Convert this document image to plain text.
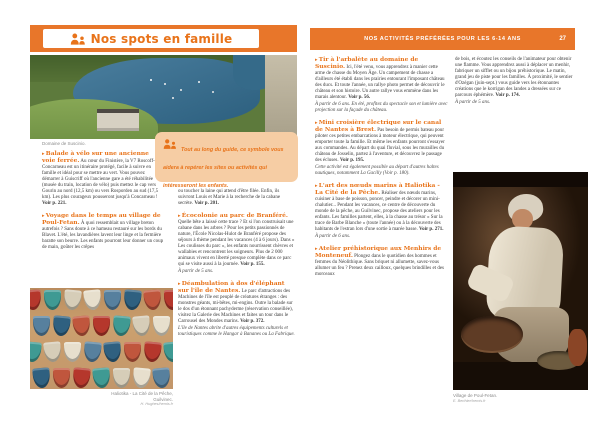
Nos spots en famille
Domaine de Suscinio.
Tout au long du guide, ce symbole vous aidera à repérer les sites ou activités qui intéresseront les enfants.

▸ Balade à vélo sur une ancienne voie ferrée. Au cœur du Finistère, la V7 Roscoff-Concarneau est un itinéraire protégé, facile à suivre en famille et idéal pour se mettre au vert. Vous pouvez démarrer à Guiscriff où l'ancienne gare a été réhabilitée (musée du train, location de vélo) puis mettez le cap vers Gourin au nord (12,5 km) ou vers Rosporden au sud (17,5 km). Les plus courageux pousseront jusqu'à Concarneau ! Voir p. 221.

▸ Voyage dans le temps au village de Poul-Fetan. À quoi ressemblait un village breton autrefois ? Sans doute à ce hameau restauré sur les bords du Blavet. L'été, les lavandières lavent leur linge et la fermière baratte son beurre. Les enfants pourront leur donner un coup de main, goûter les crêpes

Haliotika - La Cité de la Pêche,
Guilvinec.
H. Hughes/hemis.fr

ou toucher la laine qui attend d'être filée. Enfin, ils suivront Louis et Marie à la recherche de la cabane secrète. Voir p. 201.

▸ Écocolonie au parc de Branféré. Quelle bête a laissé cette trace ? Et si l'on construisait une cabane dans les arbres ? Pour les petits passionnés de nature, l'École Nicolas-Hulot de Branféré propose des séjours à thème pendant les vacances (4 à 6 jours). Dans « Les coulisses du parc », les enfants nourrissent chèvres et wallabies et rencontrent les soigneurs. Plus de 2 000 animaux vivent en liberté presque complète dans ce parc qui se visite aussi à la journée. Voir p. 155.

À partir de 5 ans.

▸ Déambulation à dos d'éléphant sur l'île de Nantes. Le parc d'attractions des Machines de l'île est peuplé de créatures étranges : des monstres géants, mi-bêtes, mi-engins. Outre la balade sur le dos d'un étonnant pachyderme (réservation conseillée), visitez la Galerie des Machines et faites un tour dans le Carrousel des Mondes marins. Voir p. 372.

L'île de Nantes abrite d'autres équipements culturels et touristiques comme le Hangar à Bananes ou La Fabrique.

NOS ACTIVITÉS PRÉFÉRÉES POUR LES 6-14 ANS	27

▸ Tir à l'arbalète au domaine de Suscinio. Ici, l'été venu, vous apprendrez à manier cette arme de chasse du Moyen Âge. Un campement de chasse a d'ailleurs été établi dans les prairies entourant l'imposant château des ducs. Et toute l'année, un rallye photo permet de découvrir le château et son histoire. Un autre rallye vous emmène dans les marais alentour. Voir p. 56.

À partir de 6 ans. En été, profitez du spectacle son et lumière avec projection sur la façade du château.

▸ Mini croisière électrique sur le canal de Nantes à Brest. Pas besoin de permis bateau pour piloter ces petites embarcations à moteur électrique, qui peuvent emporter toute la famille. Et même les enfants pourront s'essayer aux commandes. Au départ du quai fluvial, sous les murailles du château de Josselin, partez à l'aventure, et découvrez le passage des écluses. Voir p. 195.

Cette activité est également possible au départ d'autres haltes nautiques, notamment La Gacilly (Voir p. 180).

▸ L'art des nœuds marins à Haliotika - La Cité de la Pêche. Réaliser des nœuds marins, cuisiner à base de poisson, poncer, peindre et décorer un mini-chalutier... Pendant les vacances, ce centre de découverte du monde de la pêche, au Guilvinec, propose des ateliers pour les enfants. Les familles partent, elles, à la chasse au trésor « Sur la trace de Barbe Blanche » (toute l'année) ou à la découverte des habitants de l'estran lors d'une sortie à marée basse. Voir p. 271.

À partir de 6 ans.

▸ Atelier préhistorique aux Menhirs de Monteneuf. Plongez dans le quotidien des hommes et femmes du Néolithique. Sans briquet ni allumette, savez-vous allumer un feu ? Prenez deux cailloux, quelques brindilles et des morceaux

de bois, et écoutez les conseils de l'animateur pour obtenir une flamme. Vous apprendrez aussi à déplacer un menhir, fabriquer un sifflet ou un bijou préhistorique. Le matin, grand jeu de piste pour les familles. À proximité, le sentier d'Ozégan (juin-sept.) vous guide vers les étonnantes créations que le korrigan des landes a dressées sur ce parcours éphémère. Voir p. 174.

À partir de 5 ans.

Village de Poul-Fetan.
E. Berthier/hemis.fr
